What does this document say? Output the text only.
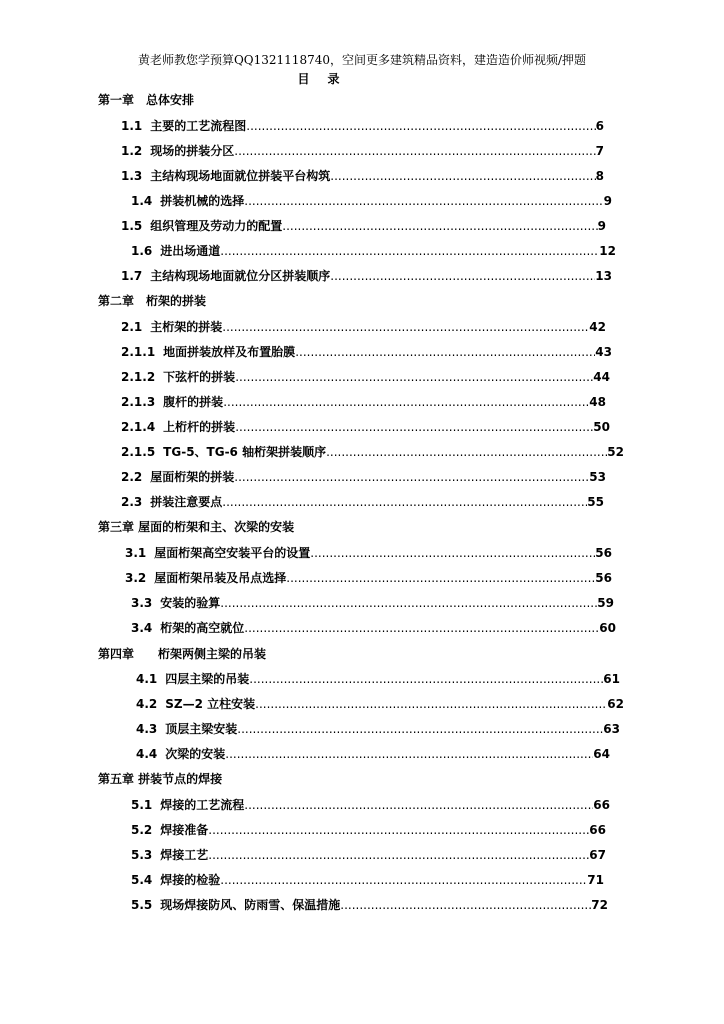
黄老师教您学预算QQ1321118740，空间更多建筑精品资料，建造造价师视频/押题
目　录
第一章　总体安排
1.1 主要的工艺流程图 .....	6
1.2 现场的拼装分区 .....	7
1.3 主结构现场地面就位拼装平台构筑 .....	8
1.4 拼装机械的选择 .....	9
1.5 组织管理及劳动力的配置 .....	9
1.6 进出场通道 .....	12
1.7 主结构现场地面就位分区拼装顺序 .....	13
第二章　桁架的拼装
2.1 主桁架的拼装 .....	42
2.1.1 地面拼装放样及布置胎膜 .....	43
2.1.2 下弦杆的拼装 .....	44
2.1.3 腹杆的拼装 .....	48
2.1.4 上桁杆的拼装 .....	50
2.1.5 TG-5、TG-6 轴桁架拼装顺序 .....	52
2.2 屋面桁架的拼装 .....	53
2.3 拼装注意要点 .....	55
第三章 屋面的桁架和主、次梁的安装
3.1 屋面桁架高空安装平台的设置 .....	56
3.2 屋面桁架吊装及吊点选择 .....	56
3.3 安装的验算 .....	59
3.4 桁架的高空就位 .....	60
第四章　　桁架两侧主梁的吊装
4.1 四层主梁的吊装 .....	61
4.2 SZ—2 立柱安装 .....	62
4.3 顶层主梁安装 .....	63
4.4 次梁的安装 .....	64
第五章 拼装节点的焊接
5.1 焊接的工艺流程 .....	66
5.2 焊接准备 .....	66
5.3 焊接工艺 .....	67
5.4 焊接的检验 .....	71
5.5 现场焊接防风、防雨雪、保温措施 .....	72
